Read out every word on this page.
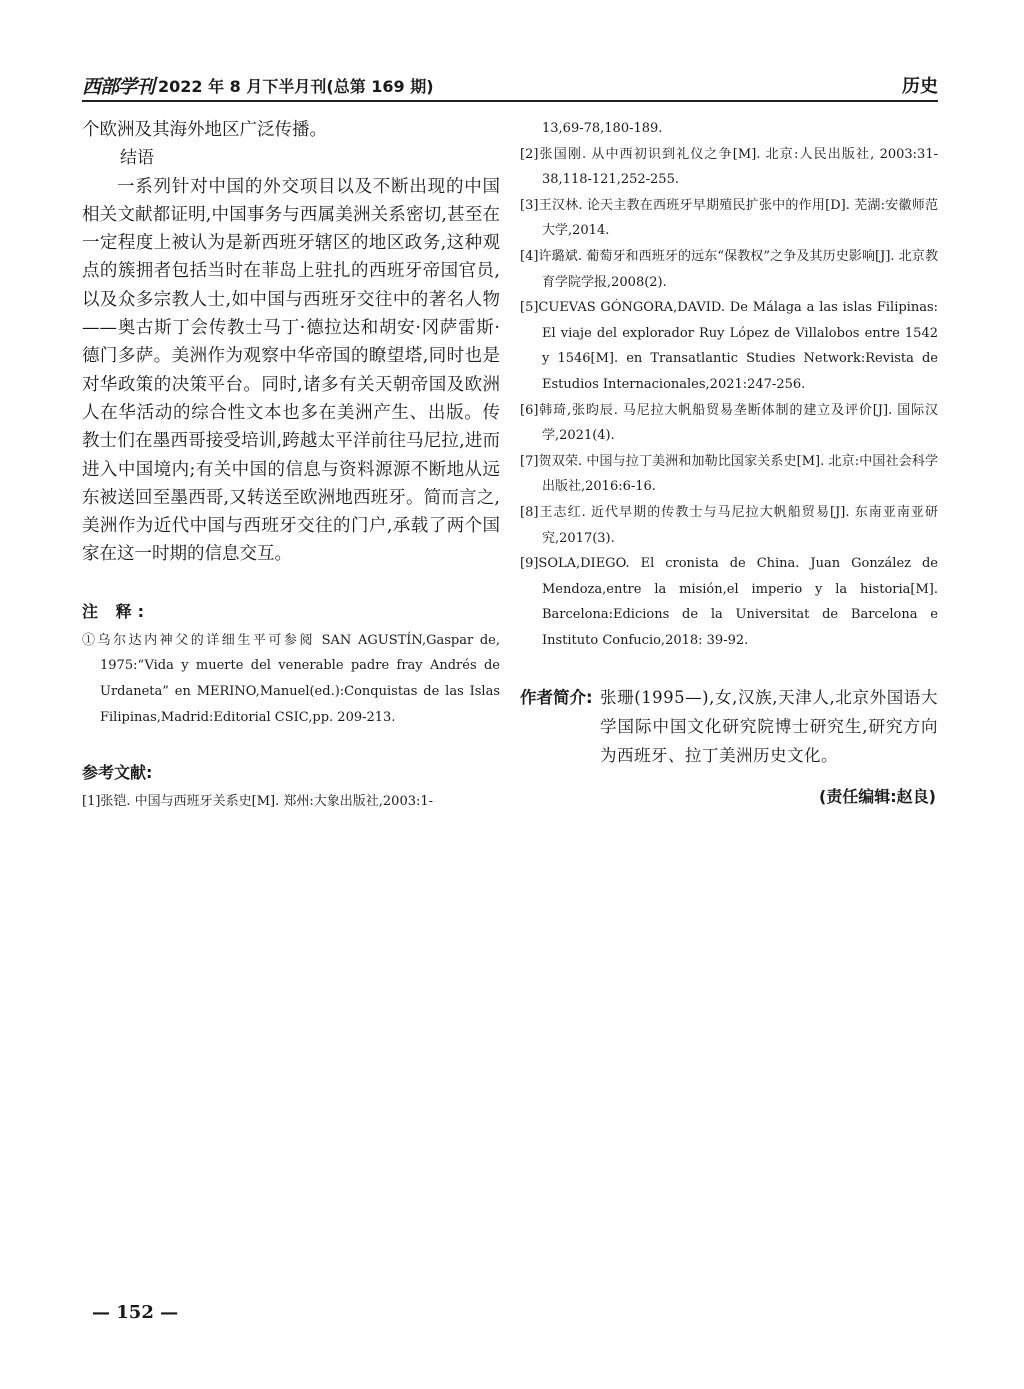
西部学刊 2022 年 8 月下半月刊(总第 169 期)	历史

个欧洲及其海外地区广泛传播。

结语

一系列针对中国的外交项目以及不断出现的中国相关文献都证明,中国事务与西属美洲关系密切,甚至在一定程度上被认为是新西班牙辖区的地区政务,这种观点的簇拥者包括当时在菲岛上驻扎的西班牙帝国官员,以及众多宗教人士,如中国与西班牙交往中的著名人物——奥古斯丁会传教士马丁·德拉达和胡安·冈萨雷斯·德门多萨。美洲作为观察中华帝国的瞭望塔,同时也是对华政策的决策平台。同时,诸多有关天朝帝国及欧洲人在华活动的综合性文本也多在美洲产生、出版。传教士们在墨西哥接受培训,跨越太平洋前往马尼拉,进而进入中国境内;有关中国的信息与资料源源不断地从远东被送回至墨西哥,又转送至欧洲地西班牙。简而言之,美洲作为近代中国与西班牙交往的门户,承载了两个国家在这一时期的信息交互。

注 释:

①乌尔达内神父的详细生平可参阅 SAN AGUSTÍN,Gaspar de, 1975:“Vida y muerte del venerable padre fray Andrés de Urdaneta” en MERINO,Manuel(ed.):Conquistas de las Islas Filipinas,Madrid:Editorial CSIC,pp. 209-213.

参考文献:

[1]张铠. 中国与西班牙关系史[M]. 郑州:大象出版社,2003:1-

13,69-78,180-189.

[2]张国刚. 从中西初识到礼仪之争[M]. 北京:人民出版社, 2003:31-38,118-121,252-255.

[3]王汉林. 论天主教在西班牙早期殖民扩张中的作用[D]. 芜湖:安徽师范大学,2014.

[4]许璐斌. 葡萄牙和西班牙的远东“保教权”之争及其历史影响[J]. 北京教育学院学报,2008(2).

[5]CUEVAS GÓNGORA,DAVID. De Málaga a las islas Filipinas: El viaje del explorador Ruy López de Villalobos entre 1542 y 1546[M]. en Transatlantic Studies Network:Revista de Estudios Internacionales,2021:247-256.

[6]韩琦,张昀辰. 马尼拉大帆船贸易垄断体制的建立及评价[J]. 国际汉学,2021(4).

[7]贺双荣. 中国与拉丁美洲和加勒比国家关系史[M]. 北京:中国社会科学出版社,2016:6-16.

[8]王志红. 近代早期的传教士与马尼拉大帆船贸易[J]. 东南亚南亚研究,2017(3).

[9]SOLA,DIEGO. El cronista de China. Juan González de Mendoza,entre la misión,el imperio y la historia[M]. Barcelona:Edicions de la Universitat de Barcelona e Instituto Confucio,2018: 39-92.

作者简介: 张珊(1995—),女,汉族,天津人,北京外国语大学国际中国文化研究院博士研究生,研究方向为西班牙、拉丁美洲历史文化。
(责任编辑:赵良)
— 152 —
